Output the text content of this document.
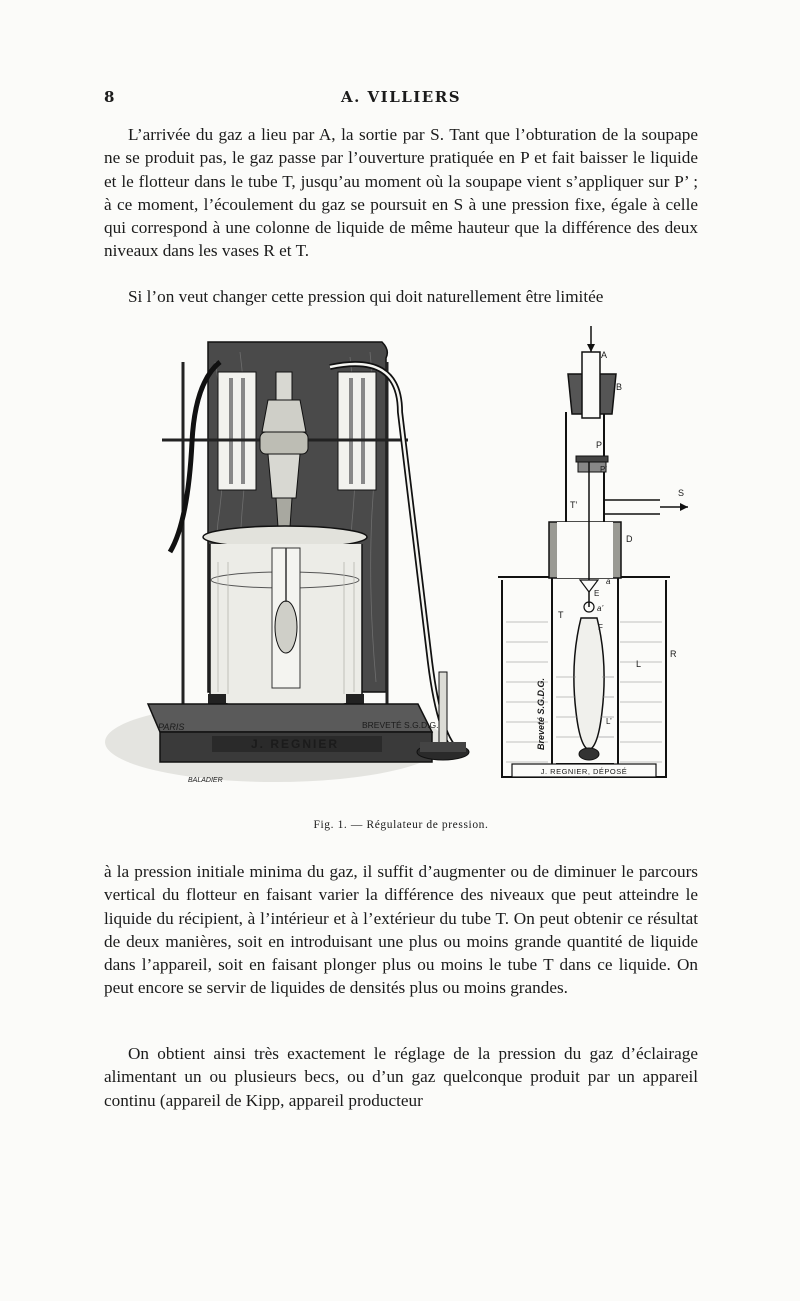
8	A. VILLIERS

L’arrivée du gaz a lieu par A, la sortie par S. Tant que l’obturation de la soupape ne se produit pas, le gaz passe par l’ouverture pratiquée en P et fait baisser le liquide et le flotteur dans le tube T, jusqu’au moment où la soupape vient s’appliquer sur P’ ; à ce moment, l’écoulement du gaz se poursuit en S à une pression fixe, égale à celle qui correspond à une colonne de liquide de même hauteur que la différence des deux niveaux dans les vases R et T.

Si l’on veut changer cette pression qui doit naturellement être limitée

PARIS
J. REGNIER
BREVETÉ S.G.D.G.
BALADIER
A
B
P
P’
S
T’
D
a
E
a’
T
F
L
L’
R
Breveté S.G.D.G.
J. REGNIER, DÉPOSÉ
Fig. 1. — Régulateur de pression.

à la pression initiale minima du gaz, il suffit d’augmenter ou de diminuer le parcours vertical du flotteur en faisant varier la différence des niveaux que peut atteindre le liquide du récipient, à l’intérieur et à l’extérieur du tube T. On peut obtenir ce résultat de deux manières, soit en introduisant une plus ou moins grande quantité de liquide dans l’appareil, soit en faisant plonger plus ou moins le tube T dans ce liquide. On peut encore se servir de liquides de densités plus ou moins grandes.

On obtient ainsi très exactement le réglage de la pression du gaz d’éclairage alimentant un ou plusieurs becs, ou d’un gaz quelconque produit par un appareil continu (appareil de Kipp, appareil producteur
